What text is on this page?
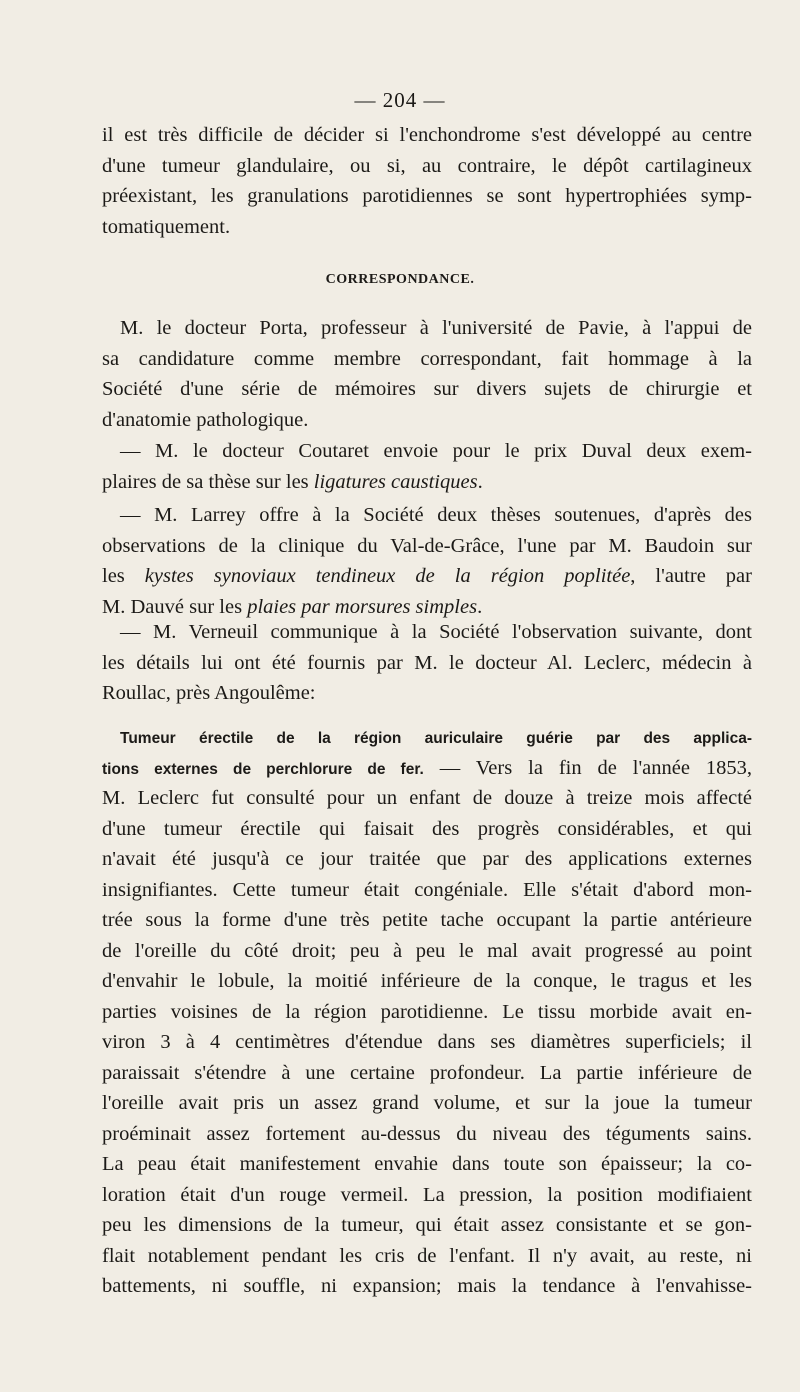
— 204 —
il est très difficile de décider si l'enchondrome s'est développé au centre
d'une tumeur glandulaire, ou si, au contraire, le dépôt cartilagineux
préexistant, les granulations parotidiennes se sont hypertrophiées symp-
tomatiquement.
CORRESPONDANCE.
M. le docteur Porta, professeur à l'université de Pavie, à l'appui de
sa candidature comme membre correspondant, fait hommage à la
Société d'une série de mémoires sur divers sujets de chirurgie et
d'anatomie pathologique.
— M. le docteur Coutaret envoie pour le prix Duval deux exem-
plaires de sa thèse sur les ligatures caustiques.
— M. Larrey offre à la Société deux thèses soutenues, d'après des
observations de la clinique du Val-de-Grâce, l'une par M. Baudoin sur
les kystes synoviaux tendineux de la région poplitée, l'autre par
M. Dauvé sur les plaies par morsures simples.
— M. Verneuil communique à la Société l'observation suivante, dont
les détails lui ont été fournis par M. le docteur Al. Leclerc, médecin à
Roullac, près Angoulême:
Tumeur érectile de la région auriculaire guérie par des applica-
tions externes de perchlorure de fer. — Vers la fin de l'année 1853,
M. Leclerc fut consulté pour un enfant de douze à treize mois affecté
d'une tumeur érectile qui faisait des progrès considérables, et qui
n'avait été jusqu'à ce jour traitée que par des applications externes
insignifiantes. Cette tumeur était congéniale. Elle s'était d'abord mon-
trée sous la forme d'une très petite tache occupant la partie antérieure
de l'oreille du côté droit; peu à peu le mal avait progressé au point
d'envahir le lobule, la moitié inférieure de la conque, le tragus et les
parties voisines de la région parotidienne. Le tissu morbide avait en-
viron 3 à 4 centimètres d'étendue dans ses diamètres superficiels; il
paraissait s'étendre à une certaine profondeur. La partie inférieure de
l'oreille avait pris un assez grand volume, et sur la joue la tumeur
proéminait assez fortement au-dessus du niveau des téguments sains.
La peau était manifestement envahie dans toute son épaisseur; la co-
loration était d'un rouge vermeil. La pression, la position modifiaient
peu les dimensions de la tumeur, qui était assez consistante et se gon-
flait notablement pendant les cris de l'enfant. Il n'y avait, au reste, ni
battements, ni souffle, ni expansion; mais la tendance à l'envahisse-
